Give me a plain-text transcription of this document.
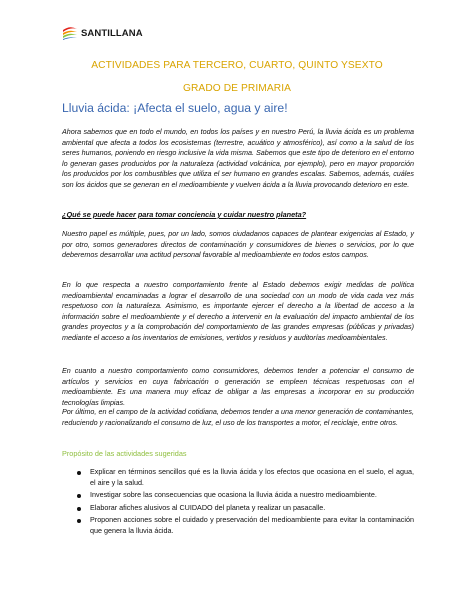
SANTILLANA
ACTIVIDADES PARA TERCERO, CUARTO, QUINTO YSEXTO
GRADO DE PRIMARIA
Lluvia ácida: ¡Afecta el suelo, agua y aire!

Ahora sabemos que en todo el mundo, en todos los países y en nuestro Perú, la lluvia ácida es un problema ambiental que afecta a todos los ecosistemas (terrestre, acuático y atmosférico), así como a la salud de los seres humanos, poniendo en riesgo inclusive la vida misma. Sabemos que este tipo de deterioro en el entorno lo generan gases producidos por la naturaleza (actividad volcánica, por ejemplo), pero en mayor proporción los producidos por los combustibles que utiliza el ser humano en grandes escalas. Sabemos, además, cuáles son los ácidos que se generan en el medioambiente y vuelven ácida a la lluvia provocando deterioro en este.

¿Qué se puede hacer para tomar conciencia y cuidar nuestro planeta?

Nuestro papel es múltiple, pues, por un lado, somos ciudadanos capaces de plantear exigencias al Estado, y por otro, somos generadores directos de contaminación y consumidores de bienes o servicios, por lo que deberemos desarrollar una actitud personal favorable al medioambiente en todos estos campos.

En lo que respecta a nuestro comportamiento frente al Estado debemos exigir medidas de política medioambiental encaminadas a lograr el desarrollo de una sociedad con un modo de vida cada vez más respetuoso con la naturaleza. Asimismo, es importante ejercer el derecho a la libertad de acceso a la información sobre el medioambiente y el derecho a intervenir en la evaluación del impacto ambiental de los grandes proyectos y a la comprobación del comportamiento de las grandes empresas (públicas y privadas) mediante el acceso a los inventarios de emisiones, vertidos y residuos y auditorías medioambientales.

En cuanto a nuestro comportamiento como consumidores, debemos tender a potenciar el consumo de artículos y servicios en cuya fabricación o generación se empleen técnicas respetuosas con el medioambiente. Es una manera muy eficaz de obligar a las empresas a incorporar en su producción tecnologías limpias.

Por último, en el campo de la actividad cotidiana, debemos tender a una menor generación de contaminantes, reduciendo y racionalizando el consumo de luz, el uso de los transportes a motor, el reciclaje, entre otros.

Propósito de las actividades sugeridas
Explicar en términos sencillos qué es la lluvia ácida y los efectos que ocasiona en el suelo, el agua, el aire y la salud.
Investigar sobre las consecuencias que ocasiona la lluvia ácida a nuestro medioambiente.
Elaborar afiches alusivos al CUIDADO del planeta y realizar un pasacalle.
Proponen acciones sobre el cuidado y preservación del medioambiente para evitar la contaminación que genera la lluvia ácida.
